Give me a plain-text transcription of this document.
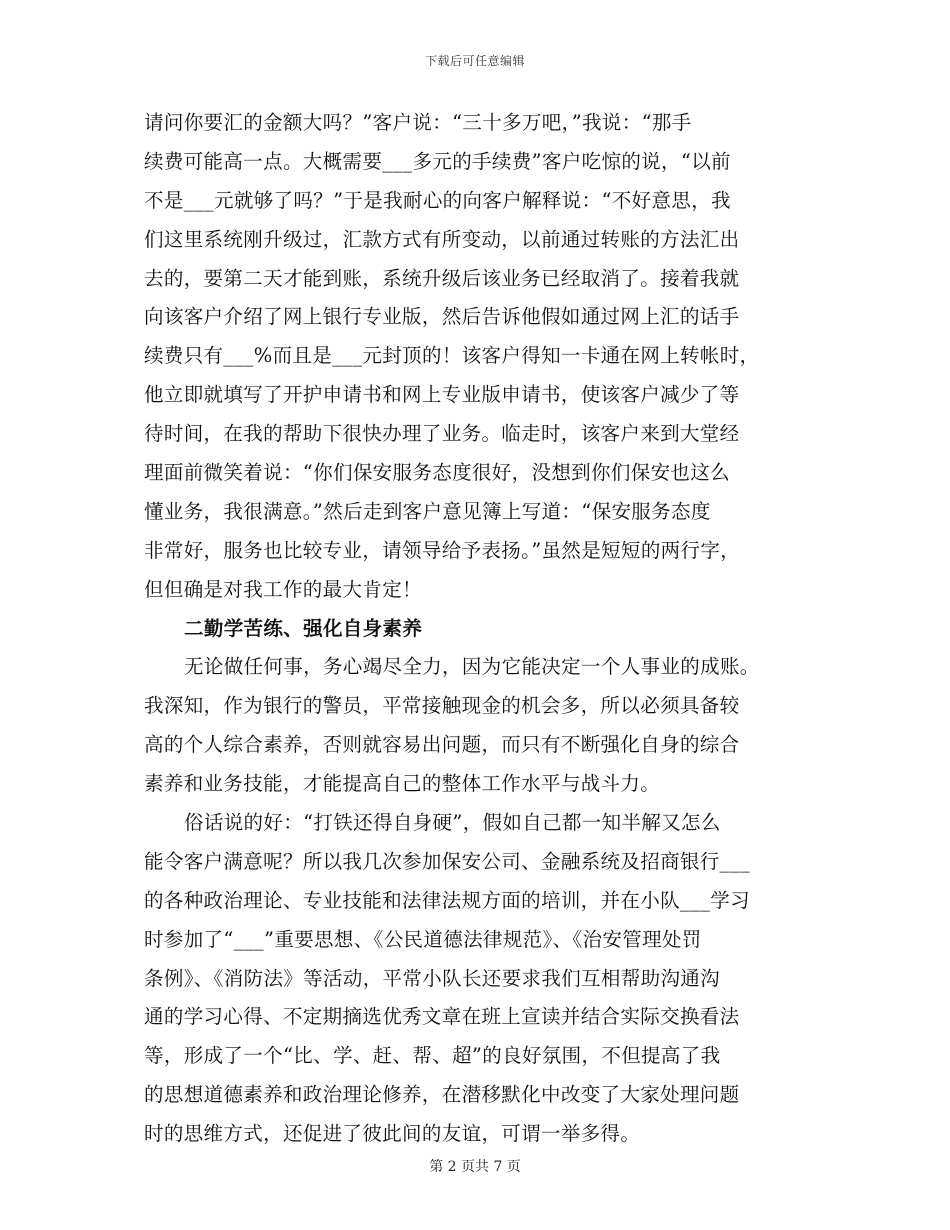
下载后可任意编辑
请问你要汇的金额大吗？”客户说：“三十多万吧，”我说：“那手
续费可能高一点。大概需要___多元的手续费”客户吃惊的说，“以前
不是___元就够了吗？”于是我耐心的向客户解释说：“不好意思，我
们这里系统刚升级过，汇款方式有所变动，以前通过转账的方法汇出
去的，要第二天才能到账，系统升级后该业务已经取消了。接着我就
向该客户介绍了网上银行专业版，然后告诉他假如通过网上汇的话手
续费只有___%而且是___元封顶的！该客户得知一卡通在网上转帐时，
他立即就填写了开护申请书和网上专业版申请书，使该客户减少了等
待时间，在我的帮助下很快办理了业务。临走时，该客户来到大堂经
理面前微笑着说：“你们保安服务态度很好，没想到你们保安也这么
懂业务，我很满意。”然后走到客户意见簿上写道：“保安服务态度
非常好，服务也比较专业，请领导给予表扬。”虽然是短短的两行字，
但但确是对我工作的最大肯定！
二勤学苦练、强化自身素养
无论做任何事，务心竭尽全力，因为它能决定一个人事业的成账。
我深知，作为银行的警员，平常接触现金的机会多，所以必须具备较
高的个人综合素养，否则就容易出问题，而只有不断强化自身的综合
素养和业务技能，才能提高自己的整体工作水平与战斗力。
俗话说的好：“打铁还得自身硬”，假如自己都一知半解又怎么
能令客户满意呢？所以我几次参加保安公司、金融系统及招商银行___
的各种政治理论、专业技能和法律法规方面的培训，并在小队___学习
时参加了“___”重要思想、《公民道德法律规范》、《治安管理处罚
条例》、《消防法》等活动，平常小队长还要求我们互相帮助沟通沟
通的学习心得、不定期摘选优秀文章在班上宣读并结合实际交换看法
等，形成了一个“比、学、赶、帮、超”的良好氛围，不但提高了我
的思想道德素养和政治理论修养，在潜移默化中改变了大家处理问题
时的思维方式，还促进了彼此间的友谊，可谓一举多得。
第 2 页共 7 页
